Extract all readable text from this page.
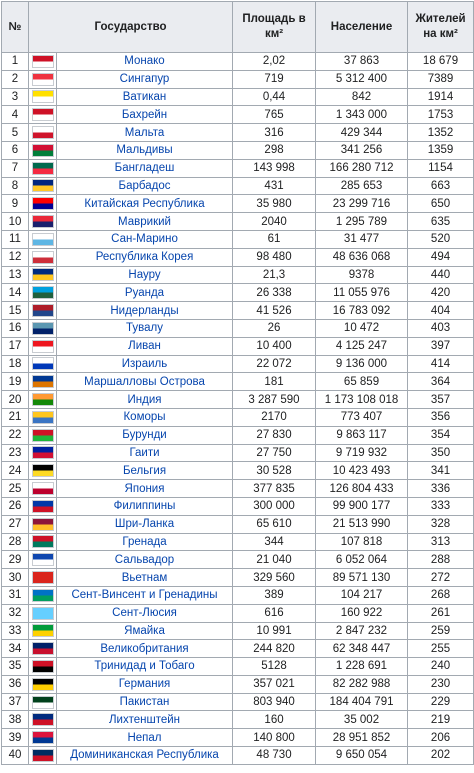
№	Государство		Площадь в км²	Население	Жителей на км²
1		Монако	2,02	37 863	18 679
2		Сингапур	719	5 312 400	7389
3		Ватикан	0,44	842	1914
4		Бахрейн	765	1 343 000	1753
5		Мальта	316	429 344	1352
6		Мальдивы	298	341 256	1359
7		Бангладеш	143 998	166 280 712	1154
8		Барбадос	431	285 653	663
9		Китайская Республика	35 980	23 299 716	650
10		Маврикий	2040	1 295 789	635
11		Сан-Марино	61	31 477	520
12		Республика Корея	98 480	48 636 068	494
13		Науру	21,3	9378	440
14		Руанда	26 338	11 055 976	420
15		Нидерланды	41 526	16 783 092	404
16		Тувалу	26	10 472	403
17		Ливан	10 400	4 125 247	397
18		Израиль	22 072	9 136 000	414
19		Маршалловы Острова	181	65 859	364
20		Индия	3 287 590	1 173 108 018	357
21		Коморы	2170	773 407	356
22		Бурунди	27 830	9 863 117	354
23		Гаити	27 750	9 719 932	350
24		Бельгия	30 528	10 423 493	341
25		Япония	377 835	126 804 433	336
26		Филиппины	300 000	99 900 177	333
27		Шри-Ланка	65 610	21 513 990	328
28		Гренада	344	107 818	313
29		Сальвадор	21 040	6 052 064	288
30		Вьетнам	329 560	89 571 130	272
31		Сент-Винсент и Гренадины	389	104 217	268
32		Сент-Люсия	616	160 922	261
33		Ямайка	10 991	2 847 232	259
34		Великобритания	244 820	62 348 447	255
35		Тринидад и Тобаго	5128	1 228 691	240
36		Германия	357 021	82 282 988	230
37		Пакистан	803 940	184 404 791	229
38		Лихтенштейн	160	35 002	219
39		Непал	140 800	28 951 852	206
40		Доминиканская Республика	48 730	9 650 054	202
